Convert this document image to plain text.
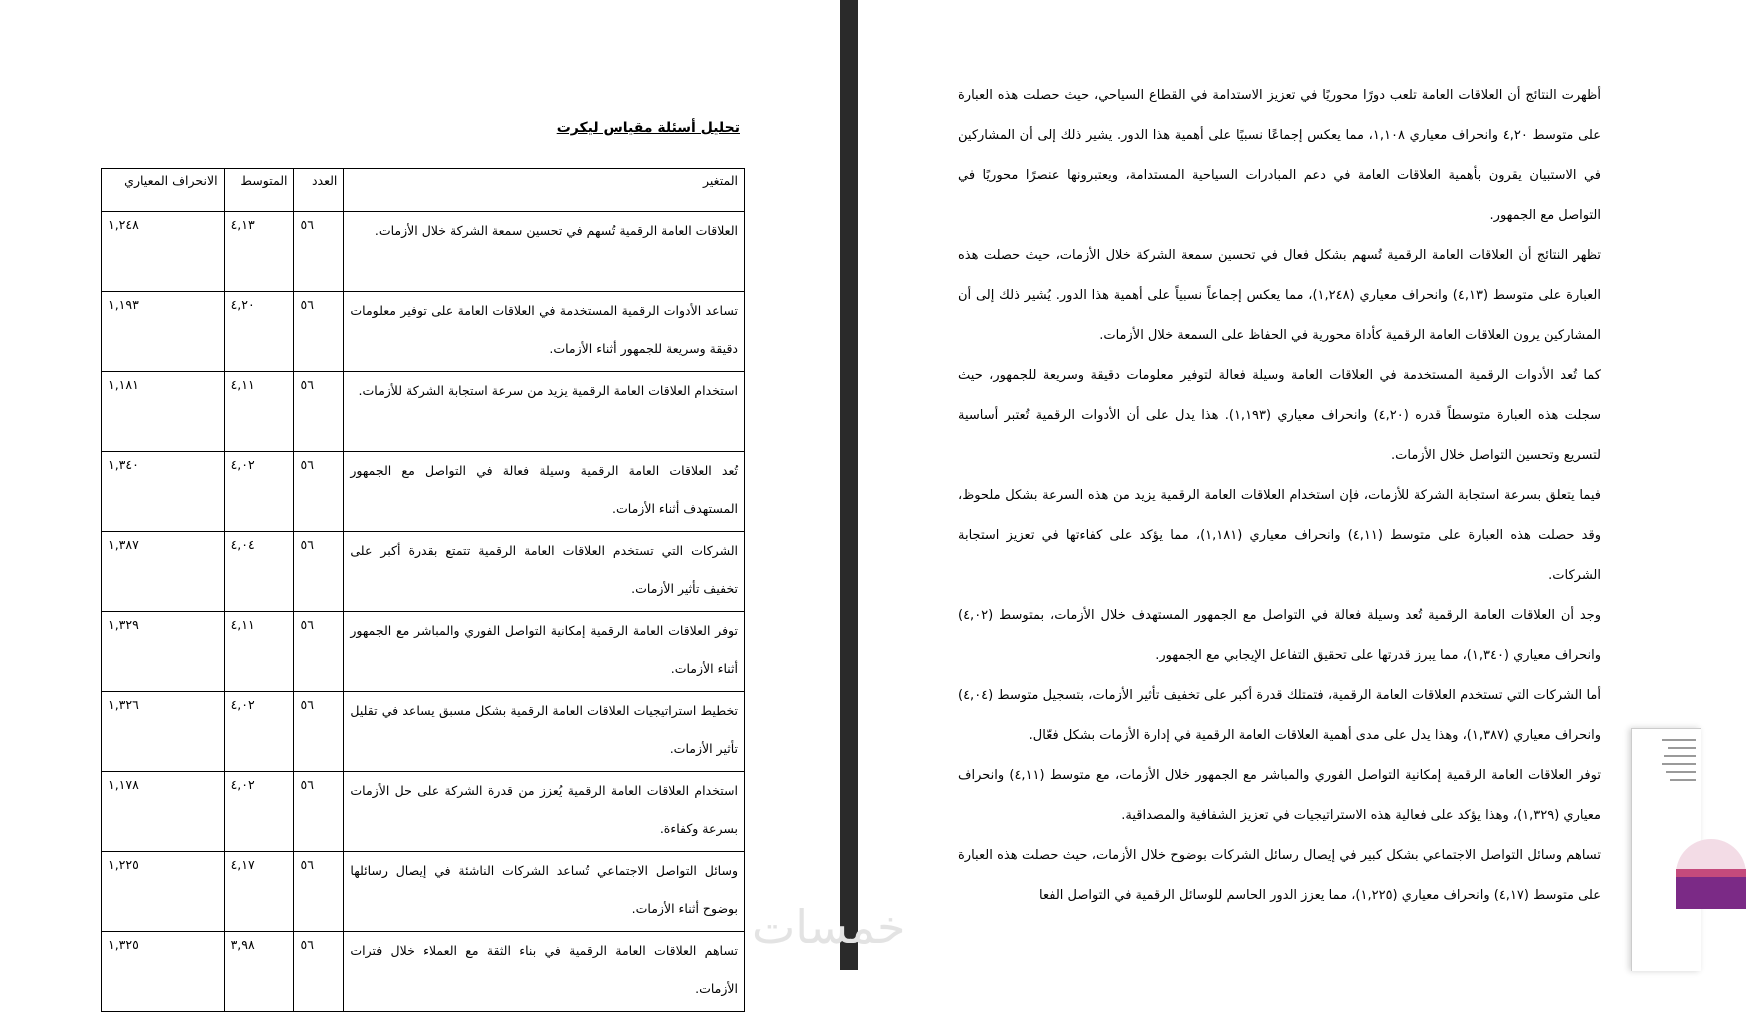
تحليل أسئلة مقياس ليكرت
المتغير	العدد	المتوسط	الانحراف المعياري
العلاقات العامة الرقمية تُسهم في تحسين سمعة الشركة خلال الأزمات.	٥٦	٤,١٣	١,٢٤٨
تساعد الأدوات الرقمية المستخدمة في العلاقات العامة على توفير معلومات دقيقة وسريعة للجمهور أثناء الأزمات.	٥٦	٤,٢٠	١,١٩٣
استخدام العلاقات العامة الرقمية يزيد من سرعة استجابة الشركة للأزمات.	٥٦	٤,١١	١,١٨١
تُعد العلاقات العامة الرقمية وسيلة فعالة في التواصل مع الجمهور المستهدف أثناء الأزمات.	٥٦	٤,٠٢	١,٣٤٠
الشركات التي تستخدم العلاقات العامة الرقمية تتمتع بقدرة أكبر على تخفيف تأثير الأزمات.	٥٦	٤,٠٤	١,٣٨٧
توفر العلاقات العامة الرقمية إمكانية التواصل الفوري والمباشر مع الجمهور أثناء الأزمات.	٥٦	٤,١١	١,٣٢٩
تخطيط استراتيجيات العلاقات العامة الرقمية بشكل مسبق يساعد في تقليل تأثير الأزمات.	٥٦	٤,٠٢	١,٣٢٦
استخدام العلاقات العامة الرقمية يُعزز من قدرة الشركة على حل الأزمات بسرعة وكفاءة.	٥٦	٤,٠٢	١,١٧٨
وسائل التواصل الاجتماعي تُساعد الشركات الناشئة في إيصال رسائلها بوضوح أثناء الأزمات.	٥٦	٤,١٧	١,٢٢٥
تساهم العلاقات العامة الرقمية في بناء الثقة مع العملاء خلال فترات الأزمات.	٥٦	٣,٩٨	١,٣٢٥

أظهرت النتائج أن العلاقات العامة تلعب دورًا محوريًا في تعزيز الاستدامة في القطاع السياحي، حيث حصلت هذه العبارة على متوسط ٤,٢٠ وانحراف معياري ١,١٠٨، مما يعكس إجماعًا نسبيًا على أهمية هذا الدور. يشير ذلك إلى أن المشاركين في الاستبيان يقرون بأهمية العلاقات العامة في دعم المبادرات السياحية المستدامة، ويعتبرونها عنصرًا محوريًا في التواصل مع الجمهور.

تظهر النتائج أن العلاقات العامة الرقمية تُسهم بشكل فعال في تحسين سمعة الشركة خلال الأزمات، حيث حصلت هذه العبارة على متوسط (٤,١٣) وانحراف معياري (١,٢٤٨)، مما يعكس إجماعاً نسبياً على أهمية هذا الدور. يُشير ذلك إلى أن المشاركين يرون العلاقات العامة الرقمية كأداة محورية في الحفاظ على السمعة خلال الأزمات.

كما تُعد الأدوات الرقمية المستخدمة في العلاقات العامة وسيلة فعالة لتوفير معلومات دقيقة وسريعة للجمهور، حيث سجلت هذه العبارة متوسطاً قدره (٤,٢٠) وانحراف معياري (١,١٩٣). هذا يدل على أن الأدوات الرقمية تُعتبر أساسية لتسريع وتحسين التواصل خلال الأزمات.

فيما يتعلق بسرعة استجابة الشركة للأزمات، فإن استخدام العلاقات العامة الرقمية يزيد من هذه السرعة بشكل ملحوظ، وقد حصلت هذه العبارة على متوسط (٤,١١) وانحراف معياري (١,١٨١)، مما يؤكد على كفاءتها في تعزيز استجابة الشركات.

وجد أن العلاقات العامة الرقمية تُعد وسيلة فعالة في التواصل مع الجمهور المستهدف خلال الأزمات، بمتوسط (٤,٠٢) وانحراف معياري (١,٣٤٠)، مما يبرز قدرتها على تحقيق التفاعل الإيجابي مع الجمهور.

أما الشركات التي تستخدم العلاقات العامة الرقمية، فتمتلك قدرة أكبر على تخفيف تأثير الأزمات، بتسجيل متوسط (٤,٠٤) وانحراف معياري (١,٣٨٧)، وهذا يدل على مدى أهمية العلاقات العامة الرقمية في إدارة الأزمات بشكل فعّال.

توفر العلاقات العامة الرقمية إمكانية التواصل الفوري والمباشر مع الجمهور خلال الأزمات، مع متوسط (٤,١١) وانحراف معياري (١,٣٢٩)، وهذا يؤكد على فعالية هذه الاستراتيجيات في تعزيز الشفافية والمصداقية.

تساهم وسائل التواصل الاجتماعي بشكل كبير في إيصال رسائل الشركات بوضوح خلال الأزمات، حيث حصلت هذه العبارة على متوسط (٤,١٧) وانحراف معياري (١,٢٢٥)، مما يعزز الدور الحاسم للوسائل الرقمية في التواصل الفعا

خمسات
